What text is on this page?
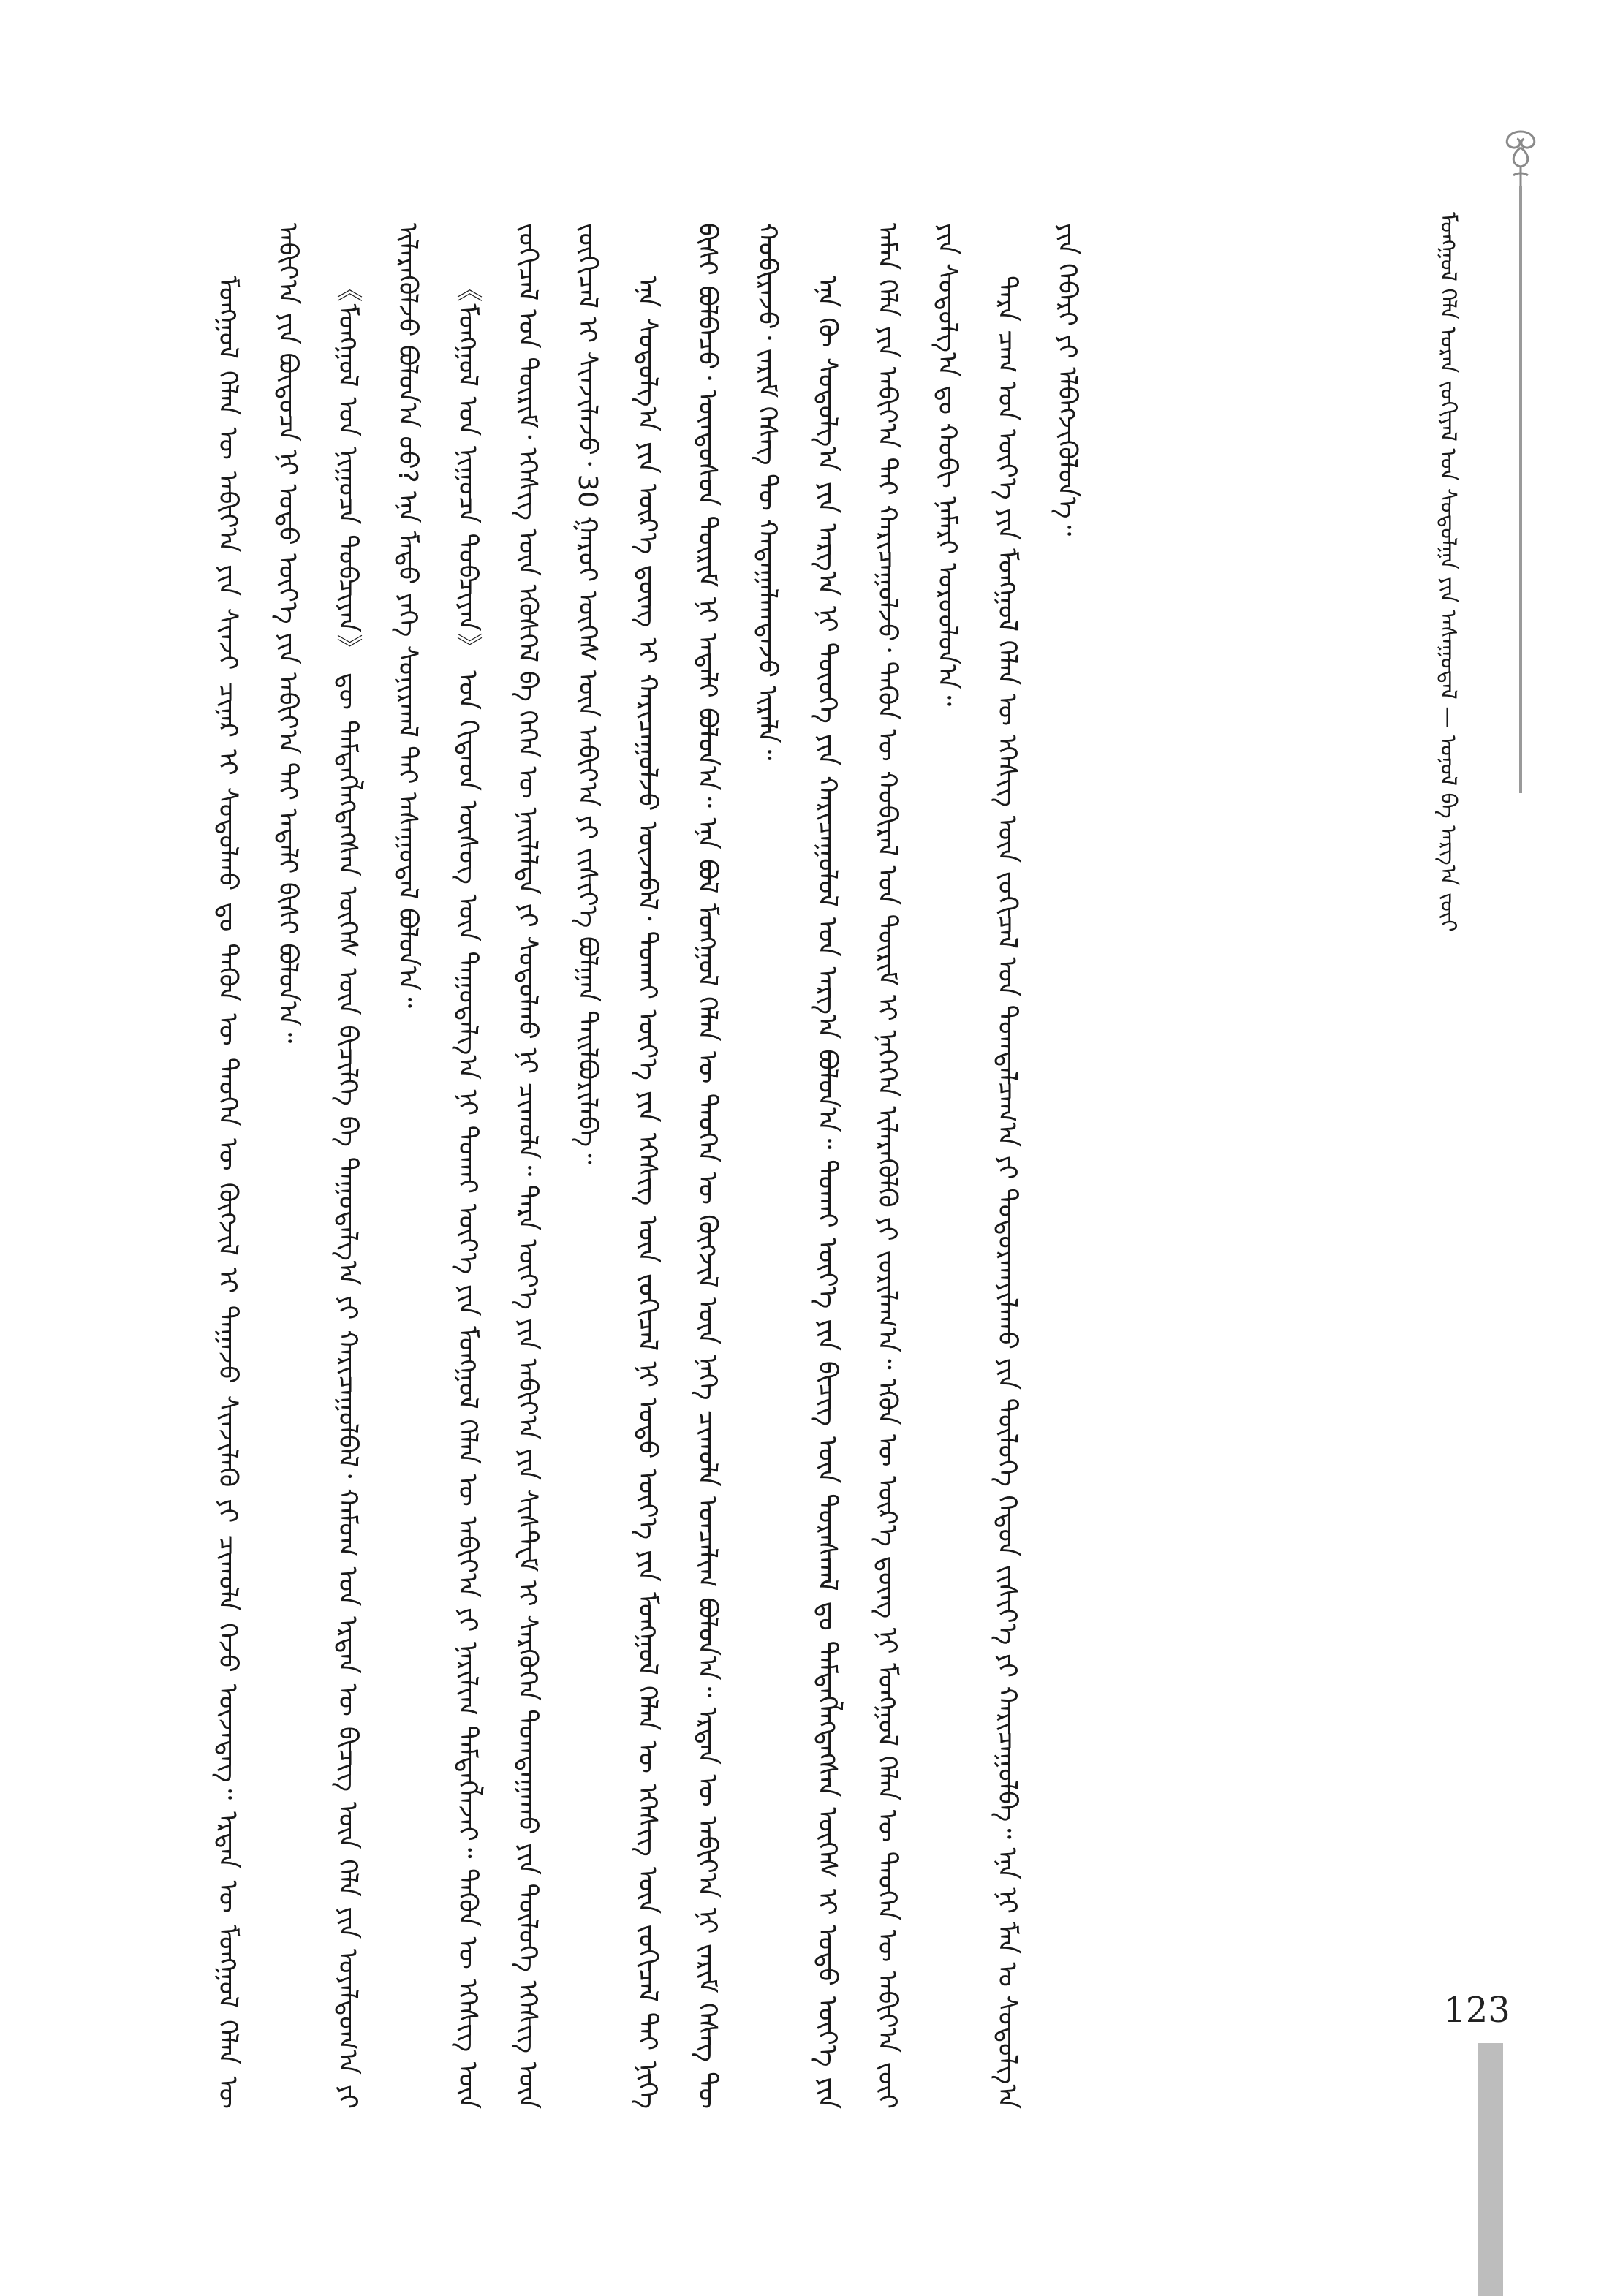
ᠮᠣᠩᠭᠣᠯ ᠬᠡᠯᠡ ᠤᠷᠠᠨ ᠵᠣᠬᠢᠶᠠᠯ ᠤᠨ ᠰᠤᠳᠤᠯᠭᠠ ᠶᠢᠨ ᠠᠰᠠᠭᠤᠳᠠᠯ — ᠣᠨᠣᠯ ᠪᠠ ᠠᠷᠭ᠎ᠠ ᠵᠦᠢ

ᠮᠣᠩᠭᠣᠯ ᠬᠡᠯᠡᠨ ᠦ ᠠᠪᠢᠶ᠎ᠠ ᠶᠢᠨ ᠰᠢᠨᠵᠢ ᠴᠢᠨᠠᠷ ᠢ ᠰᠤᠳᠤᠯᠬᠤ ᠳᠤ ᠲᠡᠭᠦᠨ ᠦ ᠲᠡᠦᠬᠡᠨ ᠦ ᠬᠦᠭᠵᠢᠯ ᠢ ᠳᠠᠭᠠᠵᠤ ᠰᠢᠨᠵᠢᠯᠡᠬᠦ ᠶᠢ ᠴᠢᠬᠤᠯᠠ ᠭᠡᠵᠦ ᠦᠵᠡᠳᠡᠭ᠃ ᠡᠷᠲᠡᠨ ᠦ ᠮᠣᠩᠭᠣᠯ ᠬᠡᠯᠡᠨ ᠦ ᠠᠪᠢᠶ᠎ᠠ ᠶᠢᠨ ᠪᠦᠲᠦᠴᠡ ᠨᠢ ᠣᠳᠣ ᠦᠶ᠎ᠡ ᠶᠢᠨ ᠠᠪᠢᠶ᠎ᠠ ᠲᠠᠢ ᠠᠳᠠᠯᠢ ᠪᠢᠰᠢ ᠪᠣᠯᠤᠨ᠎ᠠ᠃	《ᠮᠣᠩᠭᠣᠯ ᠤᠨ ᠨᠢᠭᠤᠴᠠ ᠲᠣᠪᠴᠢᠶᠠᠨ》 ᠳᠦ ᠲᠡᠮᠳᠡᠭᠯᠡᠭᠳᠡᠭᠰᠡᠨ ᠦᠭᠡᠰ ᠦᠨ ᠪᠢᠴᠢᠯᠭᠡ ᠪᠠ ᠳᠠᠭᠤᠳᠠᠯᠭ᠎ᠠ ᠶᠢ ᠬᠠᠷᠢᠴᠠᠭᠤᠯᠪᠠᠯ᠂ ᠬᠠᠮᠤᠭ ᠤᠨ ᠡᠷᠲᠡᠨ ᠦ ᠪᠢᠴᠢᠭ ᠦᠨ ᠬᠡᠯᠡ ᠶᠢᠨ ᠤᠶᠠᠯᠳᠤᠭ᠎ᠠ ᠶᠢ ᠢᠯᠡᠷᠡᠭᠦᠯᠵᠦ ᠪᠣᠯᠤᠨ᠎ᠠ ᠤᠤ? ᠡᠨᠡ ᠮᠡᠳᠦ ᠶᠡᠬᠡ ᠰᠣᠨᠢᠷᠬᠠᠯ ᠲᠠᠢ ᠠᠰᠠᠭᠤᠳᠠᠯ ᠪᠣᠯᠤᠨ᠎ᠠ᠃	《ᠮᠣᠩᠭᠣᠯ ᠤᠨ ᠨᠢᠭᠤᠴᠠ ᠲᠣᠪᠴᠢᠶᠠᠨ》 ᠤᠨ ᠬᠢᠲᠠᠳ ᠦᠰᠦᠭ ᠦᠨ ᠳᠠᠭᠤᠳᠠᠯᠭ᠎ᠠ ᠨᠢ ᠲᠤᠬᠠᠢ ᠦᠶ᠎ᠡ ᠶᠢᠨ ᠮᠣᠩᠭᠣᠯ ᠬᠡᠯᠡᠨ ᠦ ᠠᠪᠢᠶ᠎ᠠ ᠶᠢ ᠨᠠᠷᠢᠯᠢᠭ ᠲᠡᠮᠳᠡᠭᠯᠡᠵᠡᠢ᠃ ᠲᠡᠭᠦᠨ ᠦ ᠡᠭᠡᠰᠢᠭ ᠦᠨ ᠵᠣᠬᠢᠴᠠᠯ ᠤᠨ ᠳᠦᠷᠢᠮ᠂ ᠡᠭᠡᠰᠢᠭ ᠦᠨ ᠡᠭᠦᠰᠬᠡᠯ ᠪᠠ ᠭᠡᠭᠡᠨ ᠦ ᠨᠡᠢᠯᠡᠯᠲᠡ ᠶᠢ ᠰᠤᠳᠤᠯᠬᠤ ᠨᠢ ᠴᠢᠬᠤᠯᠠ᠃ ᠲᠡᠷᠡ ᠦᠶ᠎ᠡ ᠶᠢᠨ ᠠᠪᠢᠶ᠎ᠠ ᠶᠢᠨ ᠰᠢᠰᠲᠸᠮ ᠢ ᠰᠡᠷᠭᠦᠭᠡᠨ ᠲᠣᠭᠲᠠᠭᠠᠬᠤ ᠶᠢᠨ ᠲᠥᠯᠦᠭᠡ ᠡᠭᠡᠰᠢᠭ ᠦᠨ ᠵᠥᠬᠢᠴᠡᠯ ᠢ ᠰᠢᠨᠵᠢᠯᠡᠵᠦ᠂ 30 ᠭᠠᠷᠤᠢ ᠦᠭᠡᠰ ᠦᠨ ᠠᠪᠢᠶ᠎ᠠ ᠶᠢ ᠵᠢᠱᠢᠶ᠎ᠡ ᠪᠣᠯᠭᠠᠨ ᠲᠠᠢᠯᠪᠤᠷᠢᠯᠠᠪᠠ᠃	ᠡᠨᠡ ᠰᠤᠳᠤᠯᠭ᠎ᠠ ᠶᠢᠨ ᠦᠷ᠎ᠡ ᠳ᠋ᠦᠩ ᠢ ᠬᠠᠷᠢᠴᠠᠭᠤᠯᠵᠤ ᠦᠵᠡᠪᠡᠯ᠂ ᠲᠤᠬᠠᠢ ᠦᠶ᠎ᠡ ᠶᠢᠨ ᠡᠭᠡᠰᠢᠭ ᠦᠨ ᠵᠣᠬᠢᠴᠠᠯ ᠨᠢ ᠣᠳᠣ ᠦᠶ᠎ᠡ ᠶᠢᠨ ᠮᠣᠩᠭᠣᠯ ᠬᠡᠯᠡᠨ ᠦ ᠡᠭᠡᠰᠢᠭ ᠦᠨ ᠵᠣᠬᠢᠴᠠᠯ ᠲᠠᠢ ᠨᠢᠭᠡ ᠪᠢᠰᠢ ᠪᠣᠯᠪᠠᠴᠤ᠂ ᠦᠨᠳᠦᠰᠦᠨ ᠳᠦᠷᠢᠮ ᠨᠢ ᠠᠳᠠᠯᠢ ᠪᠣᠯᠤᠨ᠎ᠠ᠃ ᠡᠨᠡ ᠪᠣᠯ ᠮᠣᠩᠭᠣᠯ ᠬᠡᠯᠡᠨ ᠦ ᠲᠡᠦᠬᠡᠨ ᠦ ᠬᠦᠭᠵᠢᠯ ᠦᠨ ᠨᠡᠭᠡ ᠴᠢᠬᠤᠯᠠ ᠣᠨᠴᠠᠯᠢᠭ ᠪᠣᠯᠤᠨ᠎ᠠ᠃ ᠡᠷᠲᠡᠨ ᠦ ᠠᠪᠢᠶ᠎ᠠ ᠨᠢ ᠵᠠᠷᠢᠮ ᠬᠡᠰᠡᠭ ᠲᠦ ᠬᠤᠪᠢᠷᠠᠵᠤ᠂ ᠵᠠᠷᠢᠮ ᠬᠡᠰᠡᠭ ᠲᠦ ᠬᠠᠳᠠᠭᠠᠯᠠᠭᠳᠠᠵᠤ ᠢᠷᠡᠯᠡ᠃	ᠡᠨᠡ ᠬᠦ ᠰᠤᠳᠤᠯᠭ᠎ᠠ ᠶᠢᠨ ᠠᠷᠭ᠎ᠠ ᠨᠢ ᠲᠦᠦᠬᠡ ᠶᠢᠨ ᠬᠠᠷᠢᠴᠠᠭᠤᠯᠤᠯ ᠤᠨ ᠠᠷᠭ᠎ᠠ ᠪᠣᠯᠤᠨ᠎ᠠ᠃ ᠲᠤᠬᠠᠢ ᠦᠶ᠎ᠡ ᠶᠢᠨ ᠪᠢᠴᠢᠭ ᠦᠨ ᠳᠤᠷᠠᠰᠬᠠᠯ ᠳᠤ ᠲᠡᠮᠳᠡᠭᠯᠡᠭᠳᠡᠭᠰᠡᠨ ᠦᠭᠡᠰ ᠢ ᠣᠳᠣ ᠦᠶ᠎ᠡ ᠶᠢᠨ ᠠᠮᠠᠨ ᠬᠡᠯᠡ ᠶᠢᠨ ᠠᠪᠢᠶ᠎ᠠ ᠲᠠᠢ ᠬᠠᠷᠢᠴᠠᠭᠤᠯᠵᠤ᠂ ᠲᠡᠭᠦᠨ ᠦ ᠬᠤᠪᠢᠷᠠᠯ ᠤᠨ ᠳᠦᠷᠢᠮ ᠢ ᠨᠡᠭᠡᠭᠡᠨ ᠢᠯᠡᠷᠡᠭᠦᠯᠬᠦ ᠶᠢ ᠵᠣᠷᠢᠯᠠᠭ᠎ᠠ᠃ ᠡᠭᠦᠨ ᠦ ᠦᠷ᠎ᠡ ᠳ᠋ᠦᠩ ᠨᠢ ᠮᠣᠩᠭᠣᠯ ᠬᠡᠯᠡᠨ ᠦ ᠲᠡᠦᠬᠡᠨ ᠦ ᠠᠪᠢᠶ᠎ᠠ ᠵᠦᠢ ᠶᠢᠨ ᠰᠤᠳᠤᠯᠭ᠎ᠠ ᠳᠤ ᠬᠤᠪᠢ ᠨᠡᠮᠡᠷᠢ ᠣᠷᠤᠤᠯᠤᠨ᠎ᠠ᠃	ᠲᠡᠷᠡ ᠴᠠᠭ ᠤᠨ ᠦᠶ᠎ᠡ ᠶᠢᠨ ᠮᠣᠩᠭᠣᠯ ᠬᠡᠯᠡᠨ ᠦ ᠡᠭᠡᠰᠢᠭ ᠦᠨ ᠵᠣᠬᠢᠴᠠᠯ ᠤᠨ ᠲᠣᠭᠲᠠᠯᠴᠠᠭ᠎ᠠ ᠶᠢ ᠲᠣᠳᠣᠷᠬᠠᠶᠢᠯᠠᠬᠤ ᠶᠢᠨ ᠲᠥᠯᠦᠭᠡ ᠬᠡᠳᠦᠨ ᠵᠢᠱᠢᠶ᠎ᠡ ᠶᠢ ᠬᠠᠷᠢᠴᠠᠭᠤᠯᠪᠠ᠃ ᠡᠨᠡ ᠨᠢ ᠮᠠᠨ ᠤ ᠰᠤᠳᠤᠯᠭ᠎ᠠ ᠶᠢᠨ ᠬᠡᠪᠡᠷᠢ ᠶᠢ ᠡᠯᠪᠡᠭᠵᠢᠭᠦᠯᠦᠨ᠎ᠡ᠃

123
